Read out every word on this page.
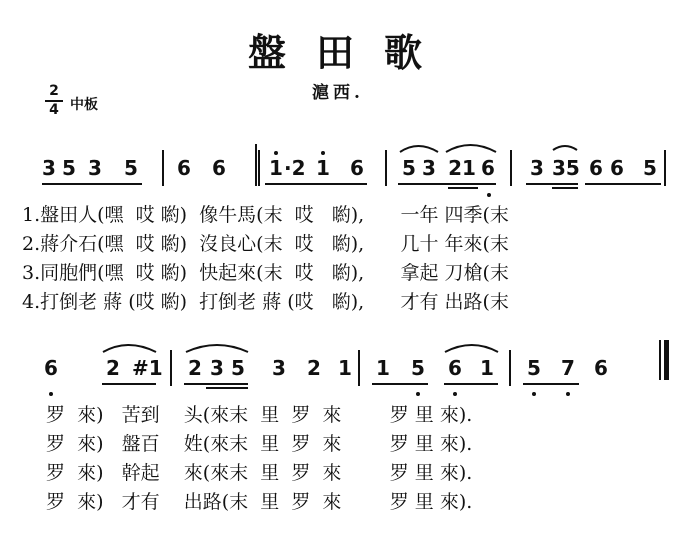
盤田歌
滬西.
2
4 中板
3 5 3 5 6 6 1 ·2 1 6 5 3 21 6 3 35 6 6 5
1.盤田人(嘿  哎 喲)  像牛馬(末  哎   喲),      一年 四季(末
2.蔣介石(嘿  哎 喲)  沒良心(末  哎   喲),      几十 年來(末
3.同胞們(嘿  哎 喲)  快起來(末  哎   喲),      拿起 刀槍(末
4.打倒老 蔣 (哎 喲)  打倒老 蔣 (哎   喲),      才有 出路(末
6 2 #1 2 3 5 3 2 1 1 5 6 1 5 7 6
罗  來)   苦到    头(來末  里  罗  來        罗 里 來).
罗  來)   盤百    姓(來末  里  罗  來        罗 里 來).
罗  來)   幹起    來(來末  里  罗  來        罗 里 來).
罗  來)   才有    出路(末  里  罗  來        罗 里 來).
